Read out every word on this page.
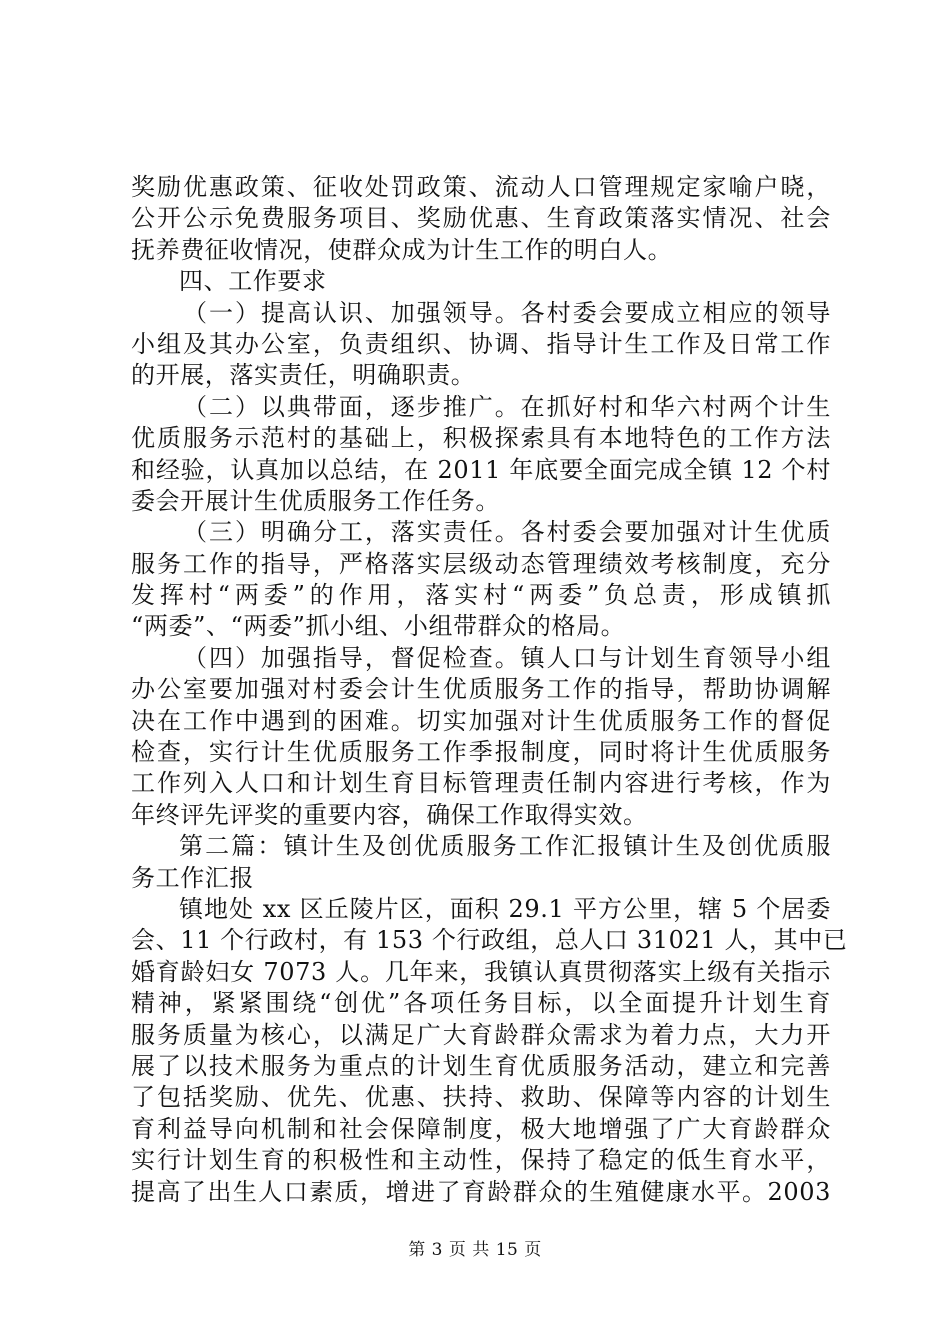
奖励优惠政策、征收处罚政策、流动人口管理规定家喻户晓，
公开公示免费服务项目、奖励优惠、生育政策落实情况、社会
抚养费征收情况，使群众成为计生工作的明白人。
四、工作要求
（一）提高认识、加强领导。各村委会要成立相应的领导
小组及其办公室，负责组织、协调、指导计生工作及日常工作
的开展，落实责任，明确职责。
（二）以典带面，逐步推广。在抓好村和华六村两个计生
优质服务示范村的基础上，积极探索具有本地特色的工作方法
和经验，认真加以总结，在 2011 年底要全面完成全镇 12 个村
委会开展计生优质服务工作任务。
（三）明确分工，落实责任。各村委会要加强对计生优质
服务工作的指导，严格落实层级动态管理绩效考核制度，充分
发挥村“两委”的作用，落实村“两委”负总责，形成镇抓
“两委”、“两委”抓小组、小组带群众的格局。
（四）加强指导，督促检查。镇人口与计划生育领导小组
办公室要加强对村委会计生优质服务工作的指导，帮助协调解
决在工作中遇到的困难。切实加强对计生优质服务工作的督促
检查，实行计生优质服务工作季报制度，同时将计生优质服务
工作列入人口和计划生育目标管理责任制内容进行考核，作为
年终评先评奖的重要内容，确保工作取得实效。
第二篇：镇计生及创优质服务工作汇报镇计生及创优质服
务工作汇报
镇地处 xx 区丘陵片区，面积 29.1 平方公里，辖 5 个居委
会、11 个行政村，有 153 个行政组，总人口 31021 人，其中已
婚育龄妇女 7073 人。几年来，我镇认真贯彻落实上级有关指示
精神，紧紧围绕“创优”各项任务目标，以全面提升计划生育
服务质量为核心，以满足广大育龄群众需求为着力点，大力开
展了以技术服务为重点的计划生育优质服务活动，建立和完善
了包括奖励、优先、优惠、扶持、救助、保障等内容的计划生
育利益导向机制和社会保障制度，极大地增强了广大育龄群众
实行计划生育的积极性和主动性，保持了稳定的低生育水平，
提高了出生人口素质，增进了育龄群众的生殖健康水平。2003
第 3 页 共 15 页
